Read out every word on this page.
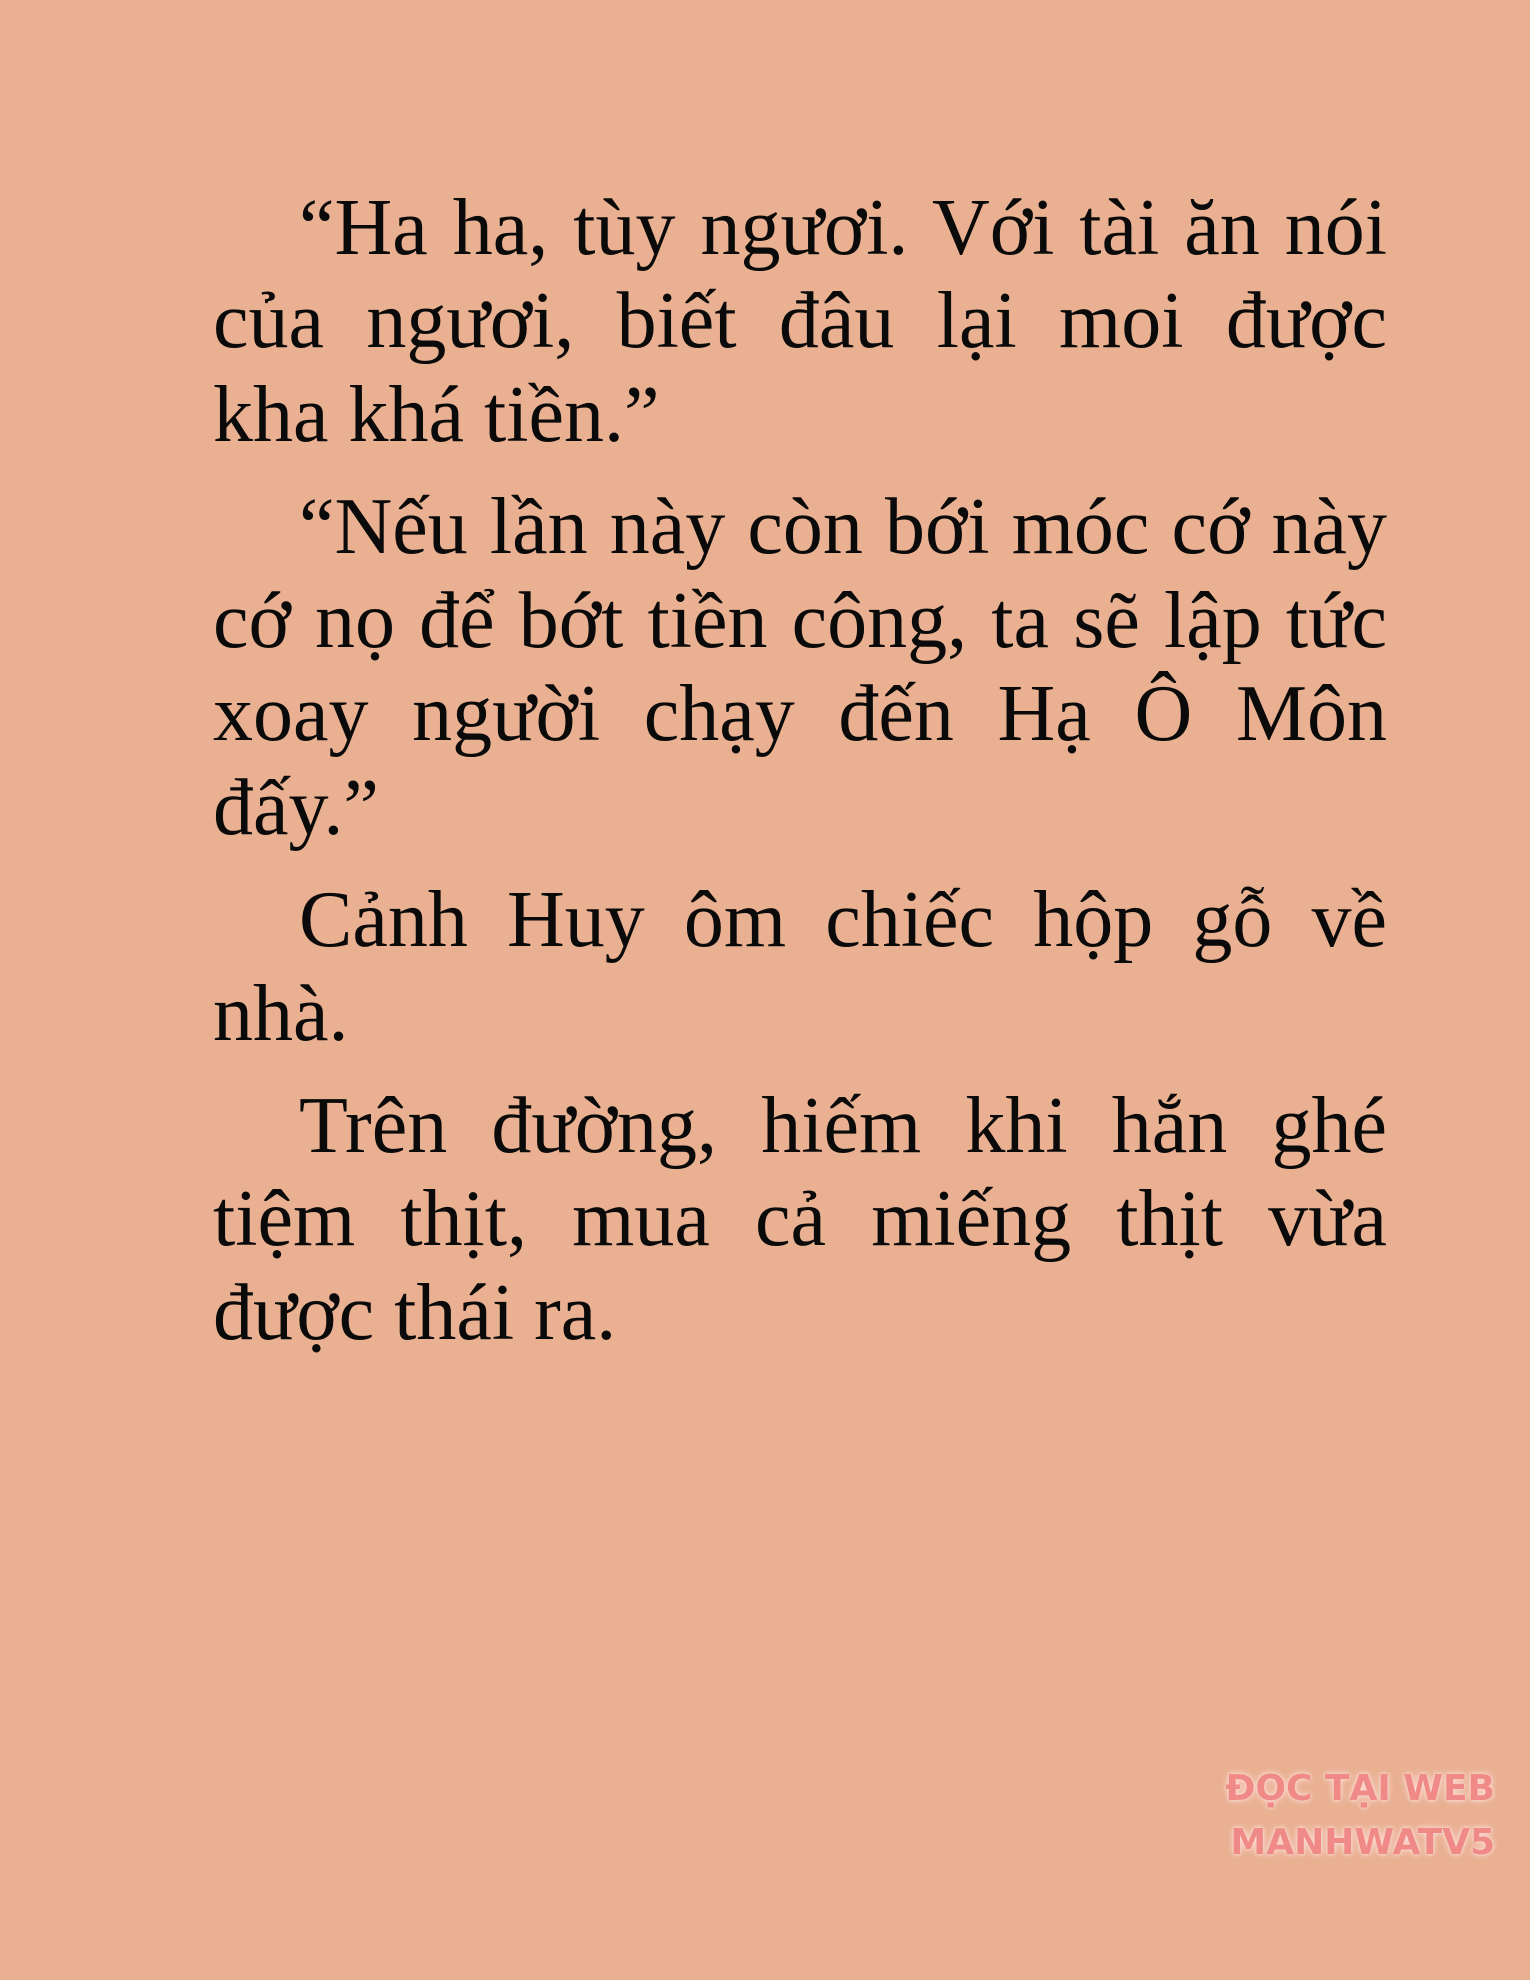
“Ha ha, tùy ngươi. Với tài ăn nói của ngươi, biết đâu lại moi được kha khá tiền.”

“Nếu lần này còn bới móc cớ này cớ nọ để bớt tiền công, ta sẽ lập tức xoay người chạy đến Hạ Ô Môn đấy.”

Cảnh Huy ôm chiếc hộp gỗ về nhà.

Trên đường, hiếm khi hắn ghé tiệm thịt, mua cả miếng thịt vừa được thái ra.

ĐỌC TẠI WEB
MANHWATV5
